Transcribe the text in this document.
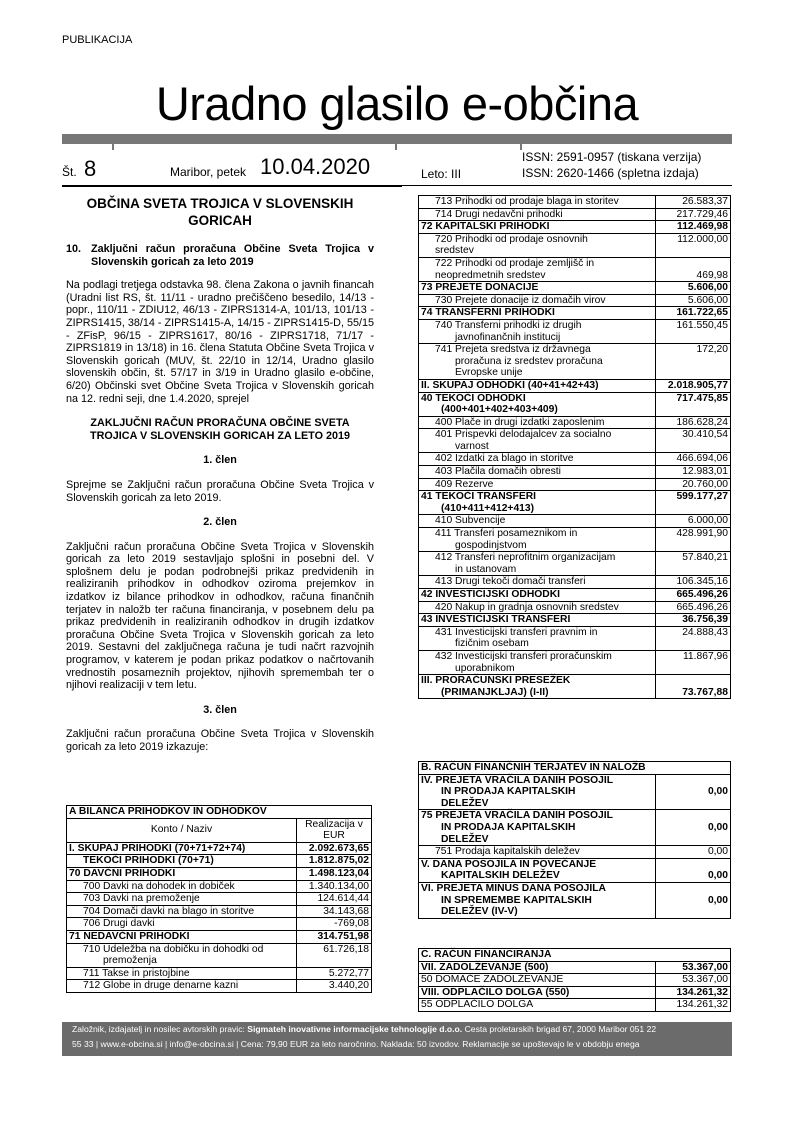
PUBLIKACIJA
Uradno glasilo e-občina
Št. 8	Maribor, petek 10.04.2020	Leto: III
ISSN: 2591-0957 (tiskana verzija)
ISSN: 2620-1466 (spletna izdaja)

OBČINA SVETA TROJICA V SLOVENSKIH GORICAH

10. Zaključni račun proračuna Občine Sveta Trojica v Slovenskih goricah za leto 2019

Na podlagi tretjega odstavka 98. člena Zakona o javnih financah (Uradni list RS, št. 11/11 - uradno prečiščeno besedilo, 14/13 - popr., 110/11 - ZDIU12, 46/13 - ZIPRS1314-A, 101/13, 101/13 - ZIPRS1415, 38/14 - ZIPRS1415-A, 14/15 - ZIPRS1415-D, 55/15 - ZFisP, 96/15 - ZIPRS1617, 80/16 - ZIPRS1718, 71/17 - ZIPRS1819 in 13/18) in 16. člena Statuta Občine Sveta Trojica v Slovenskih goricah (MUV, št. 22/10 in 12/14, Uradno glasilo slovenskih občin, št. 57/17 in 3/19 in Uradno glasilo e-občine, 6/20) Občinski svet Občine Sveta Trojica v Slovenskih goricah na 12. redni seji, dne 1.4.2020, sprejel

ZAKLJUČNI RAČUN PRORAČUNA OBČINE SVETA TROJICA V SLOVENSKIH GORICAH ZA LETO 2019

1. člen

Sprejme se Zaključni račun proračuna Občine Sveta Trojica v Slovenskih goricah za leto 2019.

2. člen

Zaključni račun proračuna Občine Sveta Trojica v Slovenskih goricah za leto 2019 sestavljajo splošni in posebni del. V splošnem delu je podan podrobnejši prikaz predvidenih in realiziranih prihodkov in odhodkov oziroma prejemkov in izdatkov iz bilance prihodkov in odhodkov, računa finančnih terjatev in naložb ter računa financiranja, v posebnem delu pa prikaz predvidenih in realiziranih odhodkov in drugih izdatkov proračuna Občine Sveta Trojica v Slovenskih goricah za leto 2019. Sestavni del zaključnega računa je tudi načrt razvojnih programov, v katerem je podan prikaz podatkov o načrtovanih vrednostih posameznih projektov, njihovih spremembah ter o njihovi realizaciji v tem letu.

3. člen

Zaključni račun proračuna Občine Sveta Trojica v Slovenskih goricah za leto 2019 izkazuje:

A BILANCA PRIHODKOV IN ODHODKOV	
Konto / Naziv	Realizacija v EUR
I. SKUPAJ PRIHODKI (70+71+72+74)	2.092.673,65
TEKOČI PRIHODKI (70+71)	1.812.875,02
70 DAVČNI PRIHODKI	1.498.123,04
700 Davki na dohodek in dobiček	1.340.134,00
703 Davki na premoženje	124.614,44
704 Domači davki na blago in storitve	34.143,68
706 Drugi davki	-769,08
71 NEDAVČNI PRIHODKI	314.751,98
710 Udeležba na dobičku in dohodki od
premoženja	61.726,18
711 Takse in pristojbine	5.272,77
712 Globe in druge denarne kazni	3.440,20
713 Prihodki od prodaje blaga in storitev	26.583,37
714 Drugi nedavčni prihodki	217.729,46
72 KAPITALSKI PRIHODKI	112.469,98
720 Prihodki od prodaje osnovnih
sredstev	112.000,00
722 Prihodki od prodaje zemljišč in
neopredmetnih sredstev	469,98
73 PREJETE DONACIJE	5.606,00
730 Prejete donacije iz domačih virov	5.606,00
74 TRANSFERNI PRIHODKI	161.722,65
740 Transferni prihodki iz drugih
javnofinančnih institucij	161.550,45
741 Prejeta sredstva iz državnega
proračuna iz sredstev proračuna
Evropske unije	172,20
II. SKUPAJ ODHODKI (40+41+42+43)	2.018.905,77
40 TEKOČI ODHODKI
(400+401+402+403+409)	717.475,85
400 Plače in drugi izdatki zaposlenim	186.628,24
401 Prispevki delodajalcev za socialno
varnost	30.410,54
402 Izdatki za blago in storitve	466.694,06
403 Plačila domačih obresti	12.983,01
409 Rezerve	20.760,00
41 TEKOČI TRANSFERI
(410+411+412+413)	599.177,27
410 Subvencije	6.000,00
411 Transferi posameznikom in
gospodinjstvom	428.991,90
412 Transferi neprofitnim organizacijam
in ustanovam	57.840,21
413 Drugi tekoči domači transferi	106.345,16
42 INVESTICIJSKI ODHODKI	665.496,26
420 Nakup in gradnja osnovnih sredstev	665.496,26
43 INVESTICIJSKI TRANSFERI	36.756,39
431 Investicijski transferi pravnim in
fizičnim osebam	24.888,43
432 Investicijski transferi proračunskim
uporabnikom	11.867,96
III. PRORAČUNSKI PRESEŽEK
(PRIMANJKLJAJ) (I-II)	73.767,88
B. RAČUN FINANČNIH TERJATEV IN NALOŽB	
IV. PREJETA VRAČILA DANIH POSOJIL
IN PRODAJA KAPITALSKIH
DELEŽEV	0,00
75 PREJETA VRAČILA DANIH POSOJIL
IN PRODAJA KAPITALSKIH
DELEŽEV	0,00
751 Prodaja kapitalskih deležev	0,00
V. DANA POSOJILA IN POVEČANJE
KAPITALSKIH DELEŽEV	0,00
VI. PREJETA MINUS DANA POSOJILA
IN SPREMEMBE KAPITALSKIH
DELEŽEV (IV-V)	0,00
C. RAČUN FINANCIRANJA	
VII. ZADOLŽEVANJE (500)	53.367,00
50 DOMAČE ZADOLŽEVANJE	53.367,00
VIII. ODPLAČILO DOLGA (550)	134.261,32
55 ODPLAČILO DOLGA	134.261,32
Založnik, izdajatelj in nosilec avtorskih pravic: Sigmateh inovativne informacijske tehnologije d.o.o. Cesta proletarskih brigad 67, 2000 Maribor 051 22
55 33 | www.e-obcina.si | info@e-obcina.si | Cena: 79,90 EUR za leto naročnino. Naklada: 50 izvodov. Reklamacije se upoštevajo le v obdobju enega
